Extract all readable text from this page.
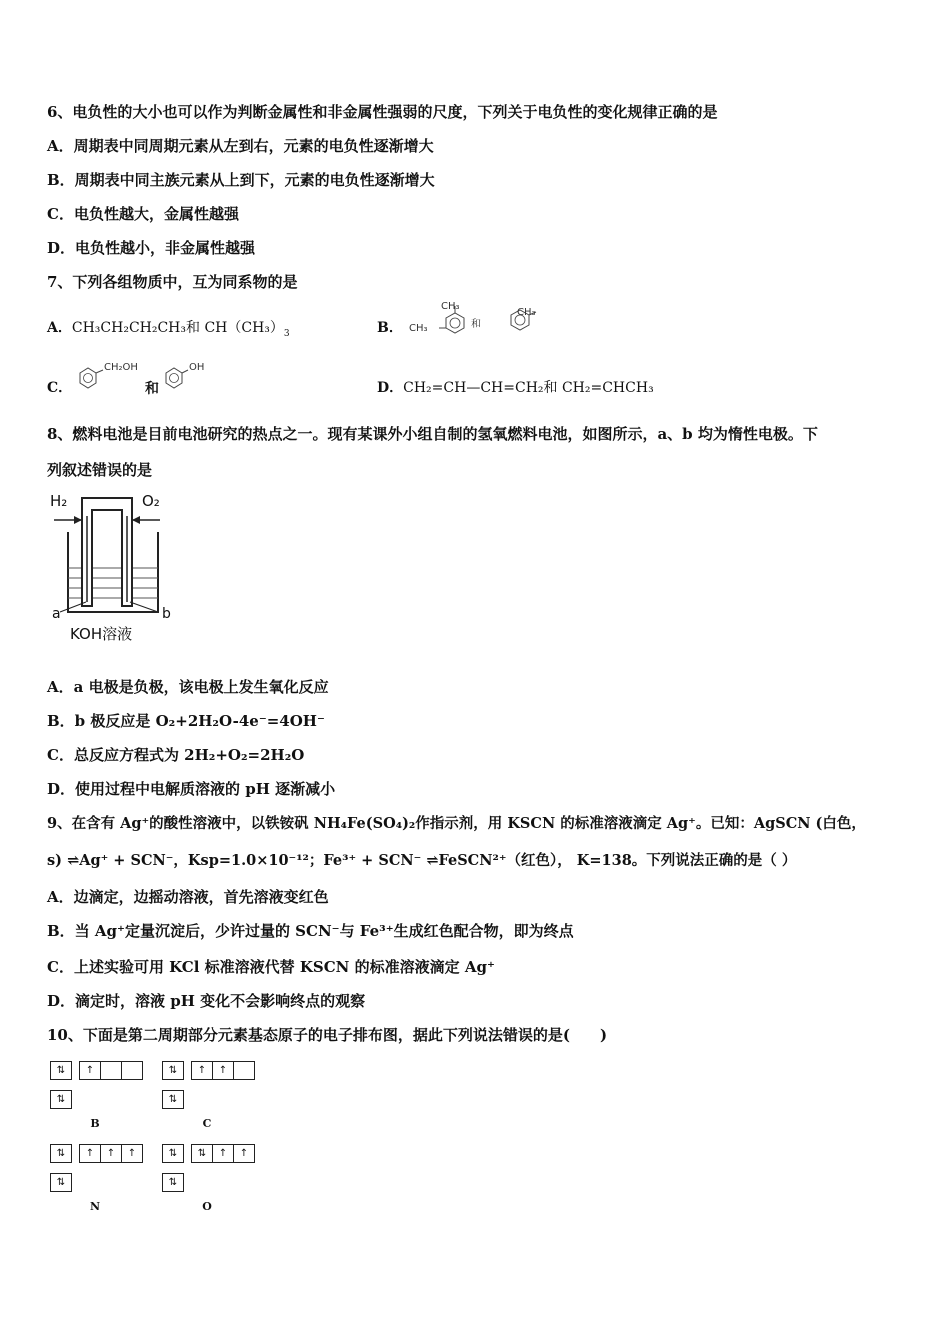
6、电负性的大小也可以作为判断金属性和非金属性强弱的尺度，下列关于电负性的变化规律正确的是
A．周期表中同周期元素从左到右，元素的电负性逐渐增大
B．周期表中同主族元素从上到下，元素的电负性逐渐增大
C．电负性越大，金属性越强
D．电负性越小，非金属性越强
7、下列各组物质中，互为同系物的是
A．CH₃CH₂CH₂CH₃和 $CH(CH_3)_3$	B．
CH₃
CH₃	和
CH₃
C．
CH₂OH
和
OH
D．CH₂=CH—CH=CH₂和 CH₂=CHCH₃
8、燃料电池是目前电池研究的热点之一。现有某课外小组自制的氢氧燃料电池，如图所示，a、b 均为惰性电极。下
列叙述错误的是
H₂	O₂
a	b
KOH溶液
A．a 电极是负极，该电极上发生氧化反应
B．b 极反应是 O₂+2H₂O-4e⁻=4OH⁻
C．总反应方程式为 2H₂+O₂=2H₂O
D．使用过程中电解质溶液的 pH 逐渐减小
9、在含有 Ag⁺的酸性溶液中，以铁铵矾 NH₄Fe(SO₄)₂作指示剂，用 KSCN 的标准溶液滴定 Ag⁺。已知：AgSCN (白色，
s) ⇌Ag⁺ + SCN⁻，Ksp=1.0×10⁻¹²；Fe³⁺ + SCN⁻ ⇌FeSCN²⁺（红色）， K=138。下列说法正确的是（ ）
A．边滴定，边摇动溶液，首先溶液变红色
B．当 Ag⁺定量沉淀后，少许过量的 SCN⁻与 Fe³⁺生成红色配合物，即为终点
C．上述实验可用 KCl 标准溶液代替 KSCN 的标准溶液滴定 Ag⁺
D．滴定时，溶液 pH 变化不会影响终点的观察
10、下面是第二周期部分元素基态原子的电子排布图，据此下列说法错误的是(　　)
⇅	↑
⇅
B
⇅	↑	↑
⇅
C
⇅	↑	↑	↑
⇅
N
⇅	⇅	↑	↑
⇅
O
